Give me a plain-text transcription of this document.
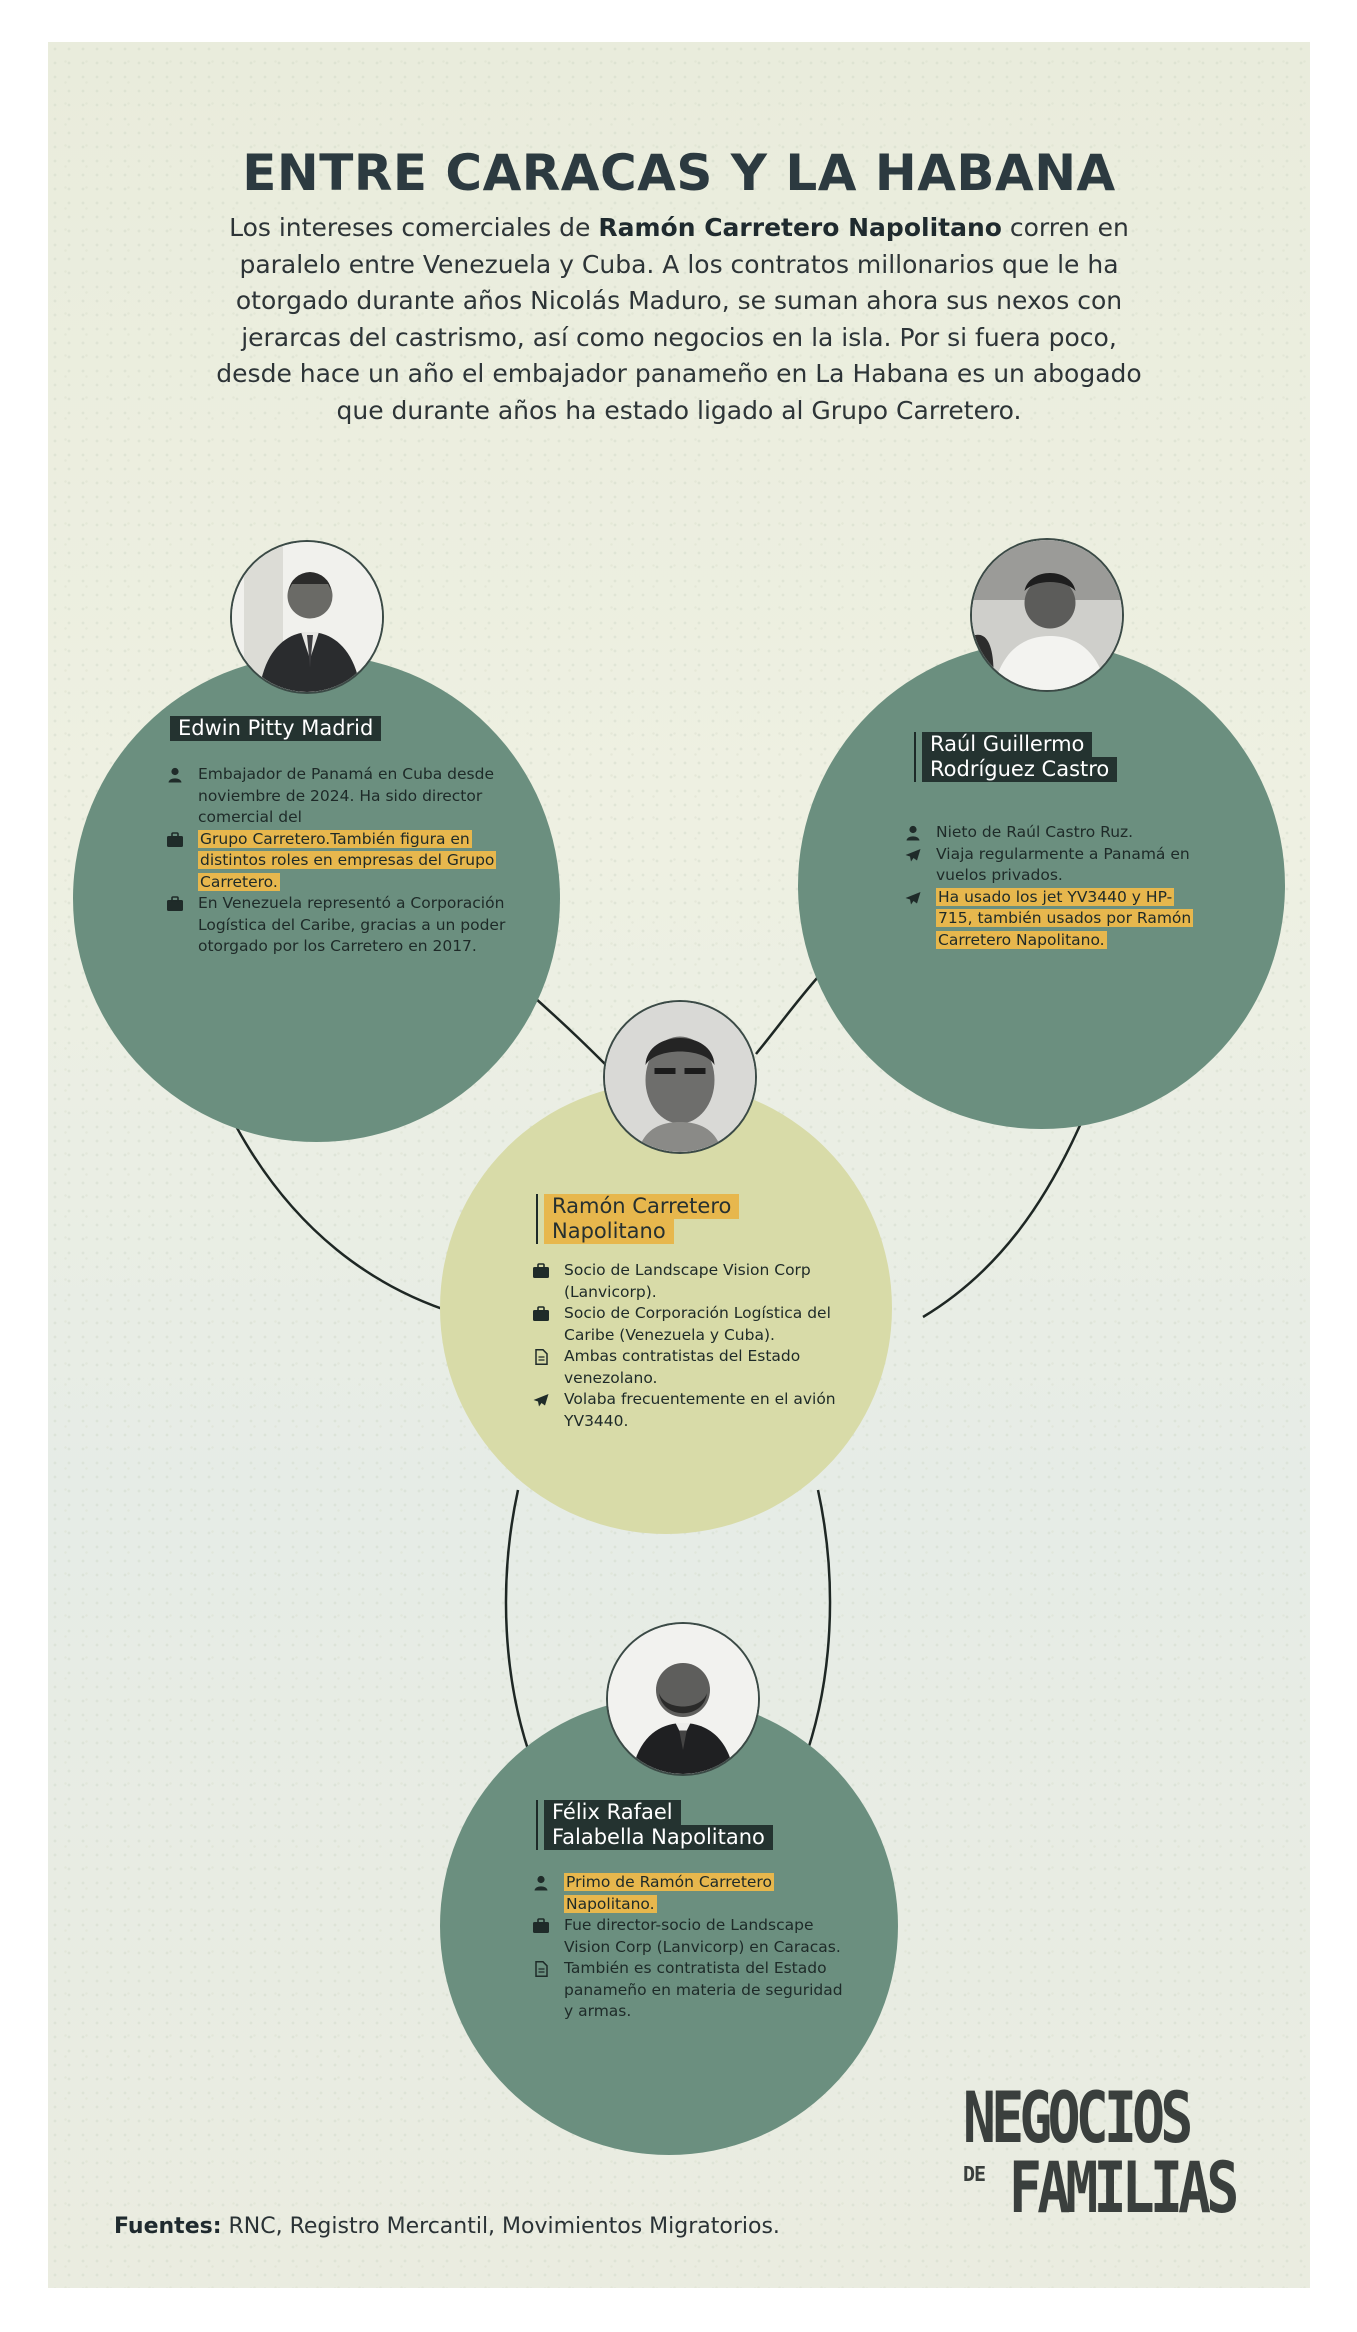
ENTRE CARACAS Y LA HABANA

Los intereses comerciales de Ramón Carretero Napolitano corren en paralelo entre Venezuela y Cuba. A los contratos millonarios que le ha otorgado durante años Nicolás Maduro, se suman ahora sus nexos con jerarcas del castrismo, así como negocios en la isla. Por si fuera poco, desde hace un año el embajador panameño en La Habana es un abogado que durante años ha estado ligado al Grupo Carretero.

Edwin Pitty Madrid
Embajador de Panamá en Cuba desde noviembre de 2024. Ha sido director comercial del
Grupo Carretero.También figura en distintos roles en empresas del Grupo Carretero.
En Venezuela representó a Corporación Logística del Caribe, gracias a un poder otorgado por los Carretero en 2017.
Raúl Guillermo
Rodríguez Castro
Nieto de Raúl Castro Ruz.
Viaja regularmente a Panamá en vuelos privados.
Ha usado los jet YV3440 y HP-715, también usados por Ramón Carretero Napolitano.
Ramón Carretero
Napolitano
Socio de Landscape Vision Corp (Lanvicorp).
Socio de Corporación Logística del Caribe (Venezuela y Cuba).
Ambas contratistas del Estado venezolano.
Volaba frecuentemente en el avión YV3440.
Félix Rafael
Falabella Napolitano
Primo de Ramón Carretero Napolitano.
Fue director-socio de Landscape Vision Corp (Lanvicorp) en Caracas.
También es contratista del Estado panameño en materia de seguridad y armas.

Fuentes: RNC, Registro Mercantil, Movimientos Migratorios.

NEGOCIOS
DE FAMILIAS
